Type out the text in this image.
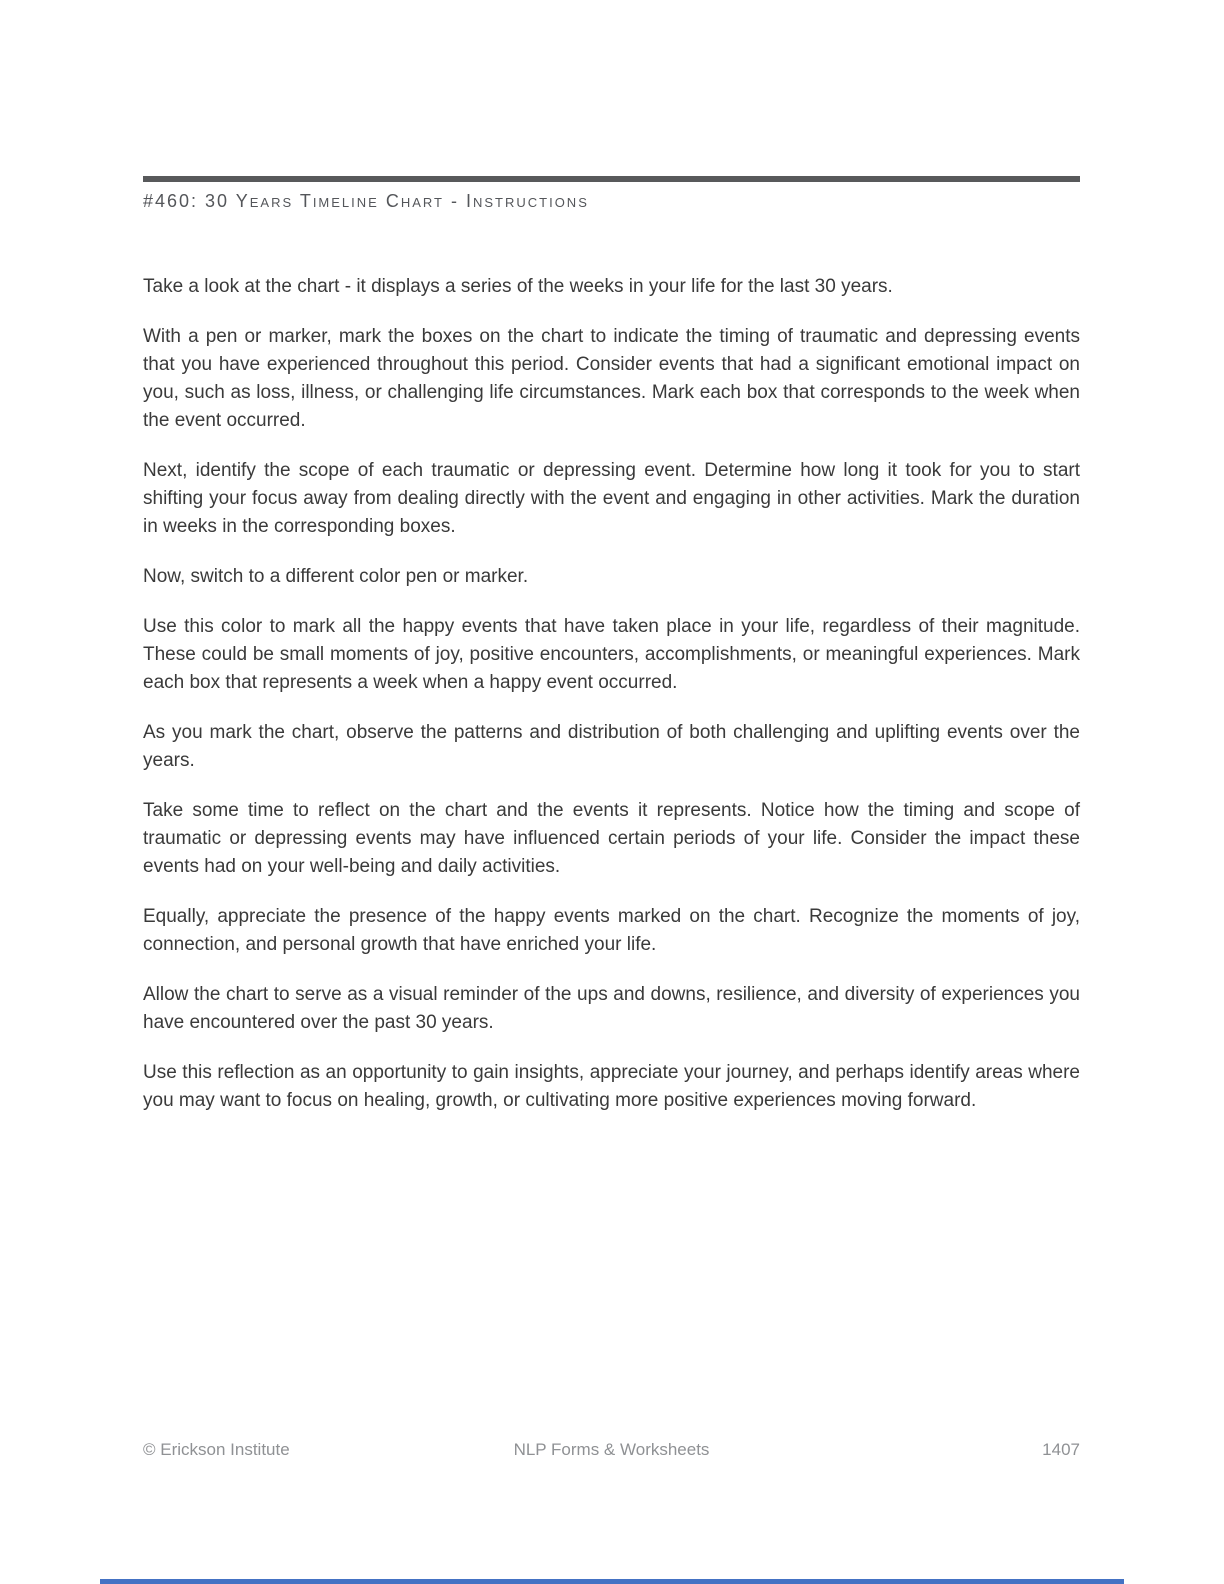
#460: 30 Years Timeline Chart - Instructions

Take a look at the chart - it displays a series of the weeks in your life for the last 30 years.

With a pen or marker, mark the boxes on the chart to indicate the timing of traumatic and depressing events that you have experienced throughout this period. Consider events that had a significant emotional impact on you, such as loss, illness, or challenging life circumstances. Mark each box that corresponds to the week when the event occurred.

Next, identify the scope of each traumatic or depressing event. Determine how long it took for you to start shifting your focus away from dealing directly with the event and engaging in other activities. Mark the duration in weeks in the corresponding boxes.

Now, switch to a different color pen or marker.

Use this color to mark all the happy events that have taken place in your life, regardless of their magnitude. These could be small moments of joy, positive encounters, accomplishments, or meaningful experiences. Mark each box that represents a week when a happy event occurred.

As you mark the chart, observe the patterns and distribution of both challenging and uplifting events over the years.

Take some time to reflect on the chart and the events it represents. Notice how the timing and scope of traumatic or depressing events may have influenced certain periods of your life. Consider the impact these events had on your well-being and daily activities.

Equally, appreciate the presence of the happy events marked on the chart. Recognize the moments of joy, connection, and personal growth that have enriched your life.

Allow the chart to serve as a visual reminder of the ups and downs, resilience, and diversity of experiences you have encountered over the past 30 years.

Use this reflection as an opportunity to gain insights, appreciate your journey, and perhaps identify areas where you may want to focus on healing, growth, or cultivating more positive experiences moving forward.

© Erickson Institute	NLP Forms & Worksheets	1407
